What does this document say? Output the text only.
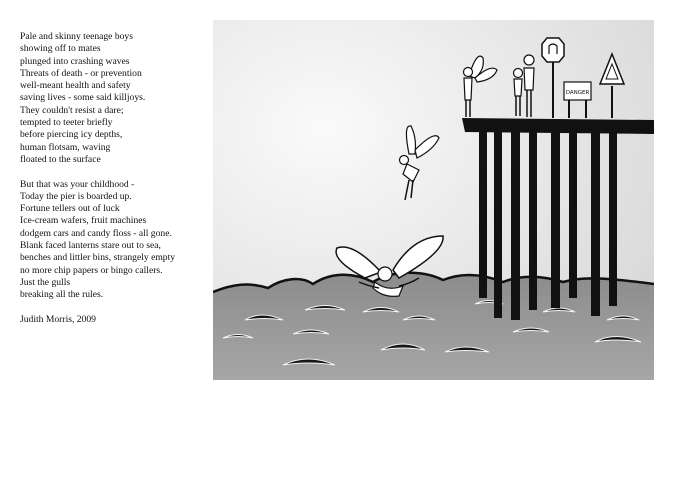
Pale and skinny teenage boys
showing off to mates
plunged into crashing waves
Threats of death - or prevention
well-meant health and safety
saving lives - some said killjoys.
They couldn't resist a dare;
tempted to teeter briefly
before piercing icy depths,
human flotsam, waving
floated to the surface
But that was your childhood -
Today the pier is boarded up.
Fortune tellers out of luck
Ice-cream wafers, fruit machines
dodgem cars and candy floss - all gone.
Blank faced lanterns stare out to sea,
benches and littler bins, strangely empty
no more chip papers or bingo callers.
Just the gulls
breaking all the rules.
Judith Morris, 2009
DANGER
